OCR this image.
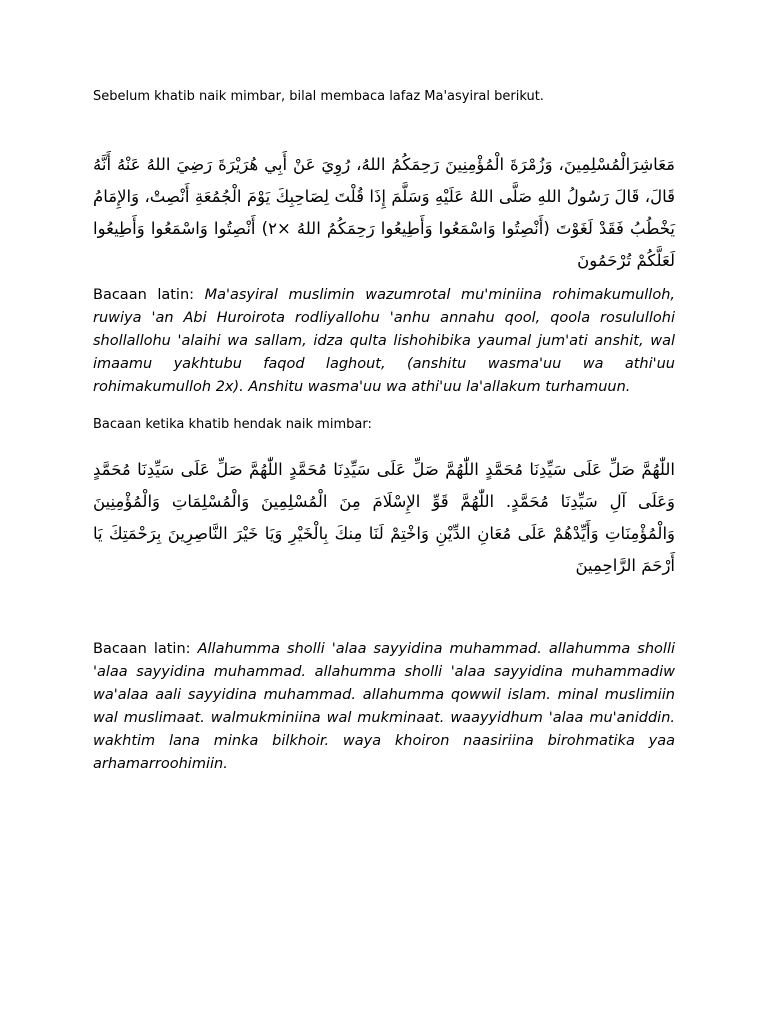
Sebelum khatib naik mimbar, bilal membaca lafaz Ma'asyiral berikut.

مَعَاشِرَالْمُسْلِمِينَ، وَزُمْرَةَ الْمُؤْمِنِينَ رَحِمَكُمُ اللهُ، رُوِيَ عَنْ أَبِي هُرَيْرَةَ رَضِيَ اللهُ عَنْهُ أَنَّهُ قَالَ، قَالَ رَسُولُ اللهِ صَلَّى اللهُ عَلَيْهِ وَسَلَّمَ إِذَا قُلْتَ لِصَاحِبِكَ يَوْمَ الْجُمُعَةِ أَنْصِتْ، وَالإِمَامُ يَخْطُبُ فَقَدْ لَغَوْتَ (أَنْصِتُوا وَاسْمَعُوا وَأَطِيعُوا رَحِمَكُمُ اللهُ ×٢) أَنْصِتُوا وَاسْمَعُوا وَأَطِيعُوا لَعَلَّكُمْ تُرْحَمُونَ

Bacaan latin: Ma'asyiral muslimin wazumrotal mu'miniina rohimakumulloh, ruwiya 'an Abi Huroirota rodliyallohu 'anhu annahu qool, qoola rosulullohi shollallohu 'alaihi wa sallam, idza qulta lishohibika yaumal jum'ati anshit, wal imaamu yakhtubu faqod laghout, (anshitu wasma'uu wa athi'uu rohimakumulloh 2x). Anshitu wasma'uu wa athi'uu la'allakum turhamuun.

Bacaan ketika khatib hendak naik mimbar:

اللّٰهُمَّ صَلِّ عَلَى سَيِّدِنَا مُحَمَّدٍ اللّٰهُمَّ صَلِّ عَلَى سَيِّدِنَا مُحَمَّدٍ اللّٰهُمَّ صَلِّ عَلَى سَيِّدِنَا مُحَمَّدٍ وَعَلَى آلِ سَيِّدِنَا مُحَمَّدٍ. اللّٰهُمَّ قَوِّ الإِسْلَامَ مِنَ الْمُسْلِمِينَ وَالْمُسْلِمَاتِ وَالْمُؤْمِنِينَ وَالْمُؤْمِنَاتِ وَأَيِّدْهُمْ عَلَى مُعَانِ الدِّيْنِ وَاخْتِمْ لَنَا مِنكَ بِالْخَيْرِ وَيَا خَيْرَ النَّاصِرِينَ بِرَحْمَتِكَ يَا أَرْحَمَ الرَّاحِمِينَ

Bacaan latin: Allahumma sholli 'alaa sayyidina muhammad. allahumma sholli 'alaa sayyidina muhammad. allahumma sholli 'alaa sayyidina muhammadiw wa'alaa aali sayyidina muhammad. allahumma qowwil islam. minal muslimiin wal muslimaat. walmukminiina wal mukminaat. waayyidhum 'alaa mu'aniddin. wakhtim lana minka bilkhoir. waya khoiron naasiriina birohmatika yaa arhamarroohimiin.
